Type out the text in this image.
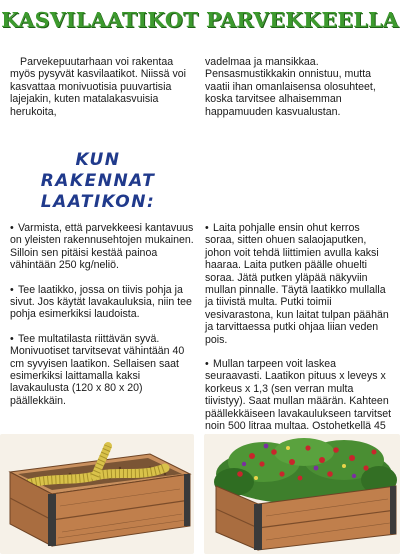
KASVILAATIKOT PARVEKKEELLA

Parvekepuutarhaan voi rakentaa myös pysyvät kasvilaatikot. Niissä voi kasvattaa monivuotisia puuvartisia lajejakin, kuten matalakasvuisia herukoita,

vadelmaa ja mansikkaa. Pensasmustikkakin onnistuu, mutta vaatii ihan omanlaisensa olosuhteet, koska tarvitsee alhaisemman happamuuden kasvualustan.

KUN RAKENNAT
LAATIKON:

• Varmista, että parvekkeesi kantavuus on yleisten rakennusehtojen mukainen. Silloin sen pitäisi kestää painoa vähintään 250 kg/neliö.

• Tee laatikko, jossa on tiivis pohja ja sivut. Jos käytät lavakauluksia, niin tee pohja esimerkiksi laudoista.

• Tee multatilasta riittävän syvä. Monivuotiset tarvitsevat vähintään 40 cm syvyisen laatikon. Sellaisen saat esimerkiksi laittamalla kaksi lavakaulusta (120 x 80 x 20) päällekkäin.

• Laita pohjalle ensin ohut kerros soraa, sitten ohuen salaojaputken, johon voit tehdä liittimien avulla kaksi haaraa. Laita putken päälle ohuelti soraa. Jätä putken yläpää näkyviin mullan pinnalle. Täytä laatikko mullalla ja tiivistä multa. Putki toimii vesivarastona, kun laitat tulpan päähän ja tarvittaessa putki ohjaa liian veden pois.

• Mullan tarpeen voit laskea seuraavasti. Laatikon pituus x leveys x korkeus x 1,3 (sen verran multa tiivistyy). Saat mullan määrän. Kahteen päällekkäiseen lavakaulukseen tarvitset noin 500 litraa multaa. Ostohetkellä 45
